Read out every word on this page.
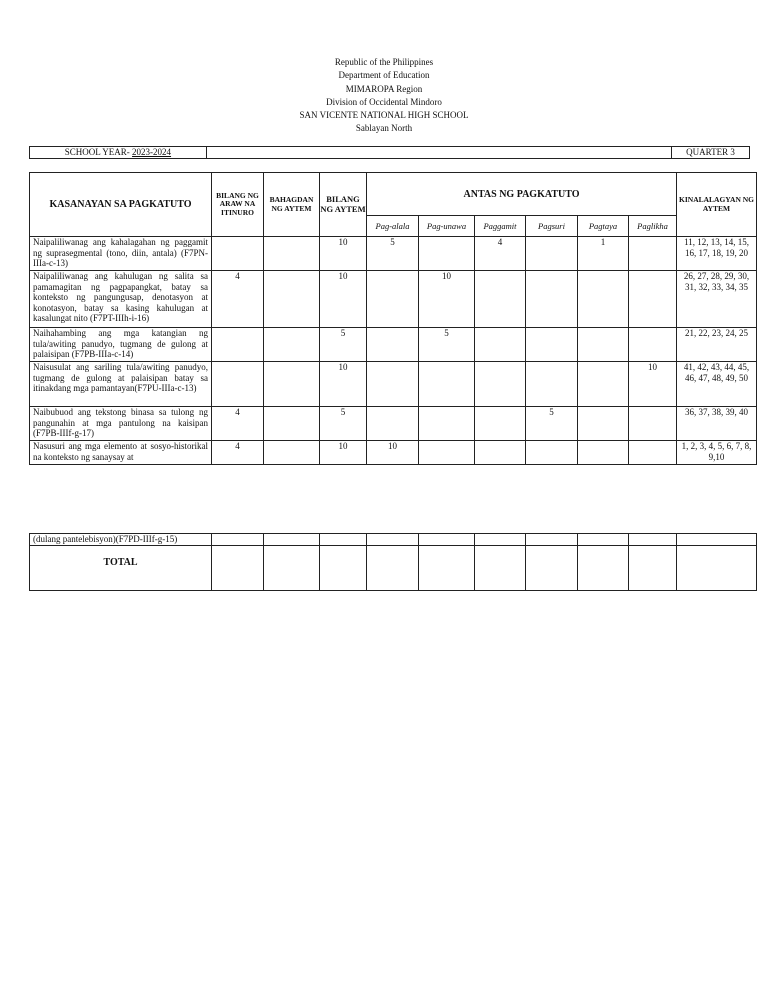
Republic of the Philippines
Department of Education
MIMAROPA Region
Division of Occidental Mindoro
SAN VICENTE NATIONAL HIGH SCHOOL
Sablayan North
SCHOOL YEAR- 2023-2024		QUARTER 3
KASANAYAN SA PAGKATUTO	BILANG NG ARAW NA ITINURO	BAHAGDAN NG AYTEM	BILANG NG AYTEM	ANTAS NG PAGKATUTO						KINALALAGYAN NG AYTEM
				Pag-alala	Pag-unawa	Paggamit	Pagsuri	Pagtaya	Paglikha	
Naipaliliwanag ang kahalagahan ng paggamit ng suprasegmental (tono, diin, antala) (F7PN-IIIa-c-13)			10	5		4		1		11, 12, 13, 14, 15, 16, 17, 18, 19, 20
Naipaliliwanag ang kahulugan ng salita sa pamamagitan ng pagpapangkat, batay sa konteksto ng pangungusap, denotasyon at konotasyon, batay sa kasing kahulugan at kasalungat nito (F7PT-IIIh-i-16)	4		10		10					26, 27, 28, 29, 30, 31, 32, 33, 34, 35
Naihahambing ang mga katangian ng tula/awiting panudyo, tugmang de gulong at palaisipan (F7PB-IIIa-c-14)			5		5					21, 22, 23, 24, 25
Naisusulat ang sariling tula/awiting panudyo, tugmang de gulong at palaisipan batay sa itinakdang mga pamantayan(F7PU-IIIa-c-13)			10						10	41, 42, 43, 44, 45, 46, 47, 48, 49, 50
Naibubuod ang tekstong binasa sa tulong ng pangunahin at mga pantulong na kaisipan (F7PB-IIIf-g-17)	4		5				5			36, 37, 38, 39, 40
Nasusuri ang mga elemento at sosyo-historikal na konteksto ng sanaysay at	4		10	10						1, 2, 3, 4, 5, 6, 7, 8, 9,10
(dulang pantelebisyon)(F7PD-IIIf-g-15)										
TOTAL										
